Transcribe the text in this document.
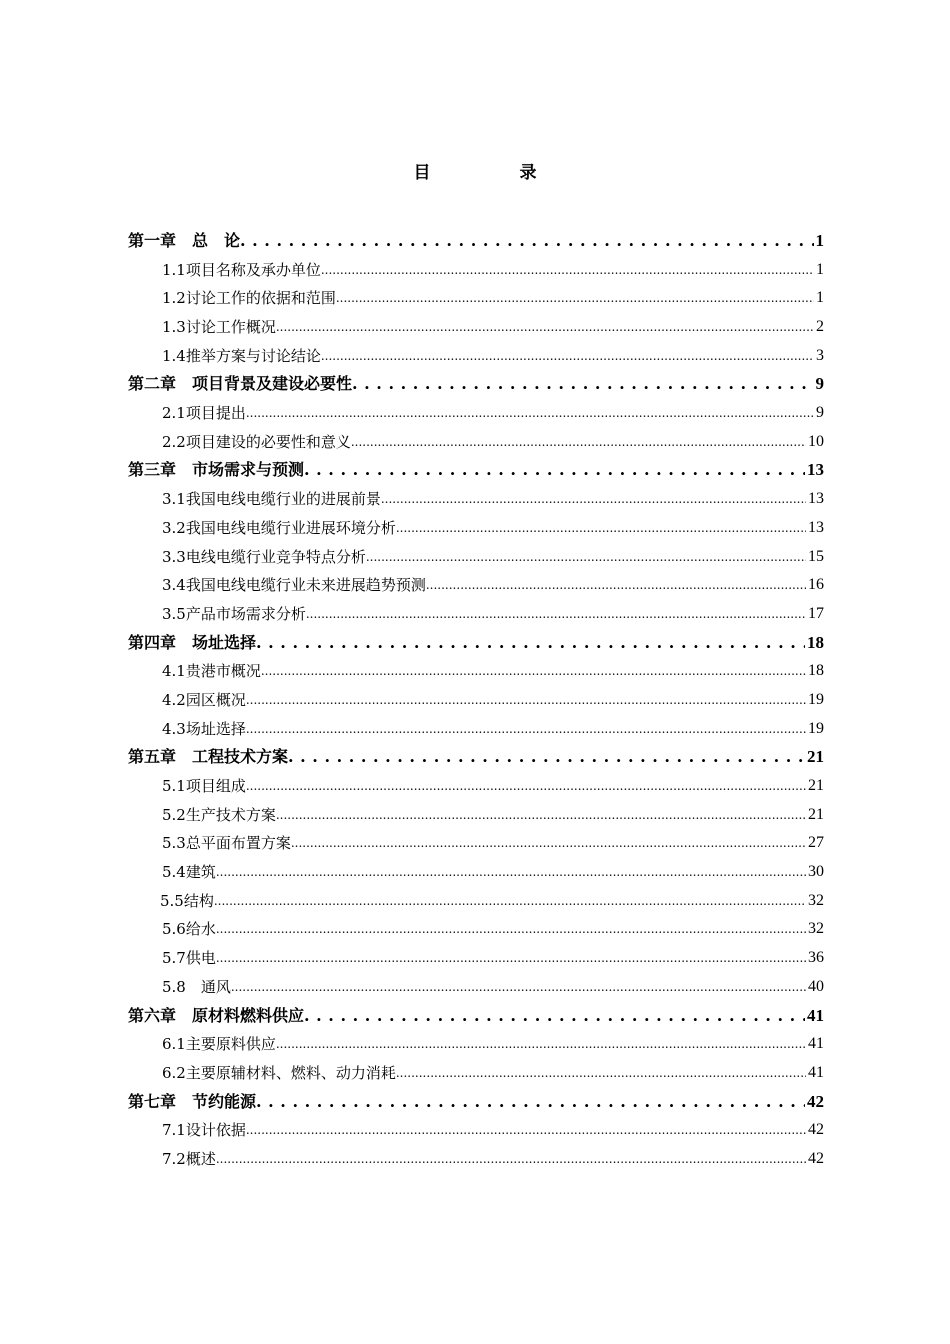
目　录
第一章　总　论 . . .	1
1.1项目名称及承办单位 .....	1
1.2讨论工作的依据和范围 .....	1
1.3讨论工作概况 .....	2
1.4推举方案与讨论结论 .....	3
第二章　项目背景及建设必要性 . . .	9
2.1项目提出 .....	9
2.2项目建设的必要性和意义 .....	10
第三章　市场需求与预测 . . .	13
3.1我国电线电缆行业的进展前景 .....	13
3.2我国电线电缆行业进展环境分析 .....	13
3.3电线电缆行业竞争特点分析 .....	15
3.4我国电线电缆行业未来进展趋势预测 .....	16
3.5产品市场需求分析 .....	17
第四章　场址选择 . . .	18
4.1贵港市概况 .....	18
4.2园区概况 .....	19
4.3场址选择 .....	19
第五章　工程技术方案 . . .	21
5.1项目组成 .....	21
5.2生产技术方案 .....	21
5.3总平面布置方案 .....	27
5.4建筑 .....	30
5.5结构 .....	32
5.6给水 .....	32
5.7供电 .....	36
5.8　通风 .....	40
第六章　原材料燃料供应 . . .	41
6.1主要原料供应 .....	41
6.2主要原辅材料、燃料、动力消耗 .....	41
第七章　节约能源 . . .	42
7.1设计依据 .....	42
7.2概述 .....	42
